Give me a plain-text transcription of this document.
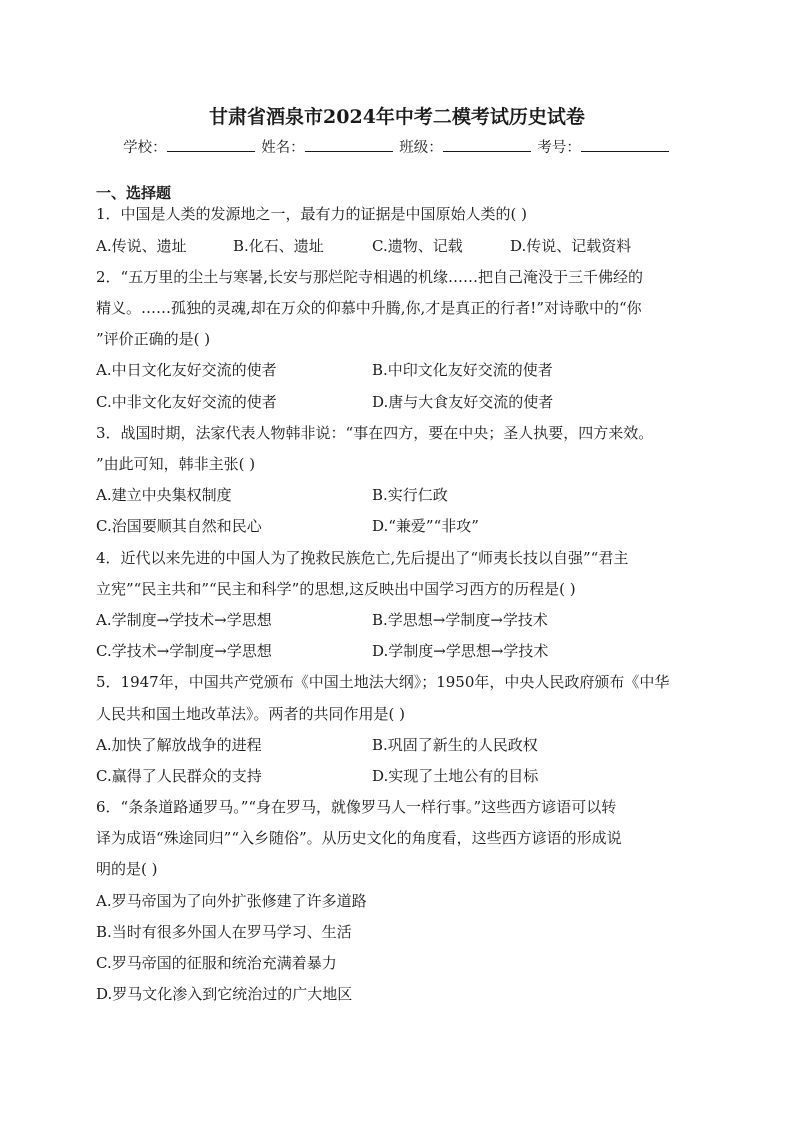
甘肃省酒泉市2024年中考二模考试历史试卷
学校：	姓名：	班级：	考号：
一、选择题
1．中国是人类的发源地之一，最有力的证据是中国原始人类的( )
A.传说、遗址	B.化石、遗址	C.遗物、记载	D.传说、记载资料
2．“五万里的尘土与寒暑,长安与那烂陀寺相遇的机缘……把自己淹没于三千佛经的
精义。……孤独的灵魂,却在万众的仰慕中升腾,你,才是真正的行者!”对诗歌中的“你
”评价正确的是( )
A.中日文化友好交流的使者	B.中印文化友好交流的使者
C.中非文化友好交流的使者	D.唐与大食友好交流的使者
3．战国时期，法家代表人物韩非说：“事在四方，要在中央；圣人执要，四方来效。
”由此可知，韩非主张( )
A.建立中央集权制度	B.实行仁政
C.治国要顺其自然和民心	D.“兼爱”“非攻”
4．近代以来先进的中国人为了挽救民族危亡,先后提出了“师夷长技以自强”“君主
立宪”“民主共和”“民主和科学”的思想,这反映出中国学习西方的历程是( )
A.学制度→学技术→学思想	B.学思想→学制度→学技术
C.学技术→学制度→学思想	D.学制度→学思想→学技术
5．1947年，中国共产党颁布《中国土地法大纲》；1950年，中央人民政府颁布《中华
人民共和国土地改革法》。两者的共同作用是( )
A.加快了解放战争的进程	B.巩固了新生的人民政权
C.赢得了人民群众的支持	D.实现了土地公有的目标
6．“条条道路通罗马。”“身在罗马，就像罗马人一样行事。”这些西方谚语可以转
译为成语“殊途同归”“入乡随俗”。从历史文化的角度看，这些西方谚语的形成说
明的是( )
A.罗马帝国为了向外扩张修建了许多道路
B.当时有很多外国人在罗马学习、生活
C.罗马帝国的征服和统治充满着暴力
D.罗马文化渗入到它统治过的广大地区
